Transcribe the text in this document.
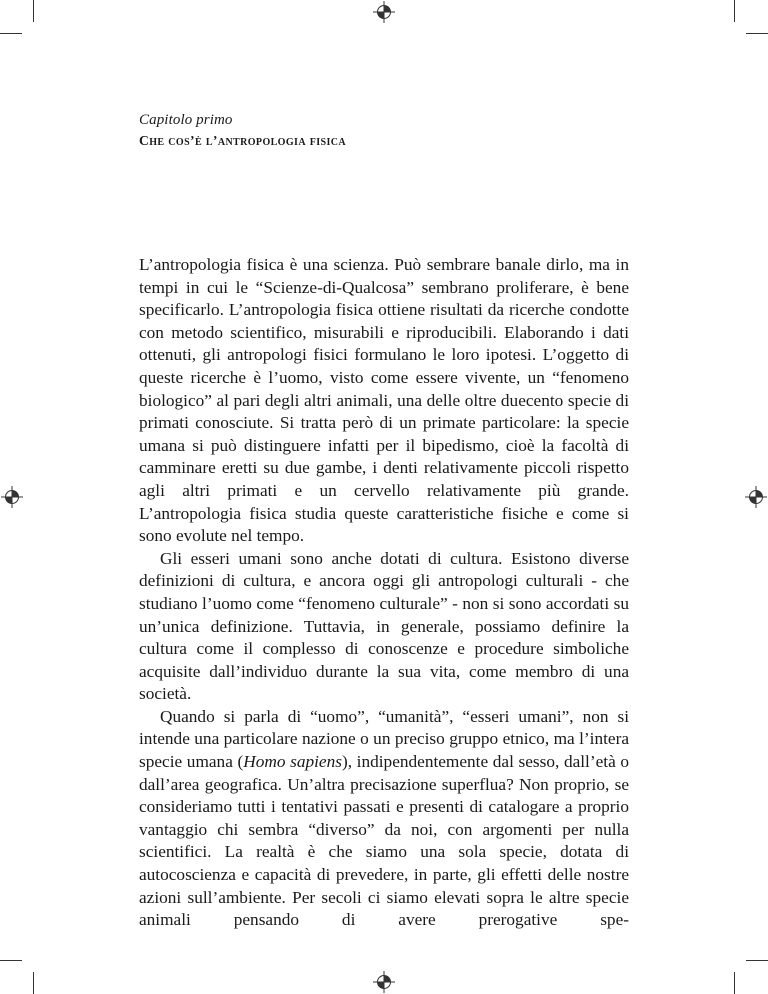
Capitolo primo
Che cos’è l’antropologia fisica

L’antropologia fisica è una scienza. Può sembrare banale dirlo, ma in tempi in cui le “Scienze-di-Qualcosa” sembrano proliferare, è bene specificarlo. L’antropologia fisica ottiene risultati da ricerche condotte con metodo scientifico, misurabili e riproducibili. Elaborando i dati ottenuti, gli antropologi fisici formulano le loro ipotesi. L’oggetto di queste ricerche è l’uomo, visto come essere vivente, un “fenomeno biologico” al pari degli altri animali, una delle oltre duecento specie di primati conosciute. Si tratta però di un primate particolare: la specie umana si può distinguere infatti per il bipedismo, cioè la facoltà di camminare eretti su due gambe, i denti relativamente piccoli rispetto agli altri primati e un cervello relativamente più grande. L’antropologia fisica studia queste caratteristiche fisiche e come si sono evolute nel tempo.

Gli esseri umani sono anche dotati di cultura. Esistono diverse definizioni di cultura, e ancora oggi gli antropologi culturali - che studiano l’uomo come “fenomeno culturale” - non si sono accordati su un’unica definizione. Tuttavia, in generale, possiamo definire la cultura come il complesso di conoscenze e procedure simboliche acquisite dall’individuo durante la sua vita, come membro di una società.

Quando si parla di “uomo”, “umanità”, “esseri umani”, non si intende una particolare nazione o un preciso gruppo etnico, ma l’intera specie umana (Homo sapiens), indipendentemente dal sesso, dall’età o dall’area geografica. Un’altra precisazione superflua? Non proprio, se consideriamo tutti i tentativi passati e presenti di catalogare a proprio vantaggio chi sembra “diverso” da noi, con argomenti per nulla scientifici. La realtà è che siamo una sola specie, dotata di autocoscienza e capacità di prevedere, in parte, gli effetti delle nostre azioni sull’ambiente. Per secoli ci siamo elevati sopra le altre specie animali pensando di avere prerogative spe-
